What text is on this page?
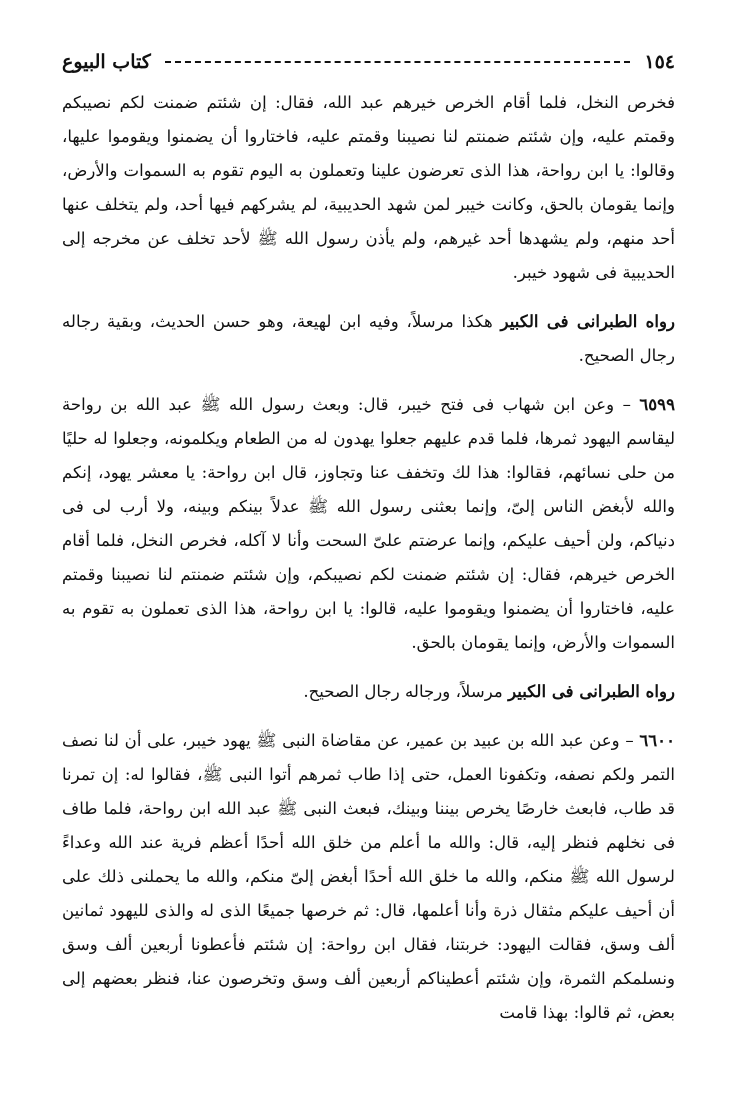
١٥٤
كتاب البيوع

فخرص النخل، فلما أقام الخرص خيرهم عبد الله، فقال: إن شئتم ضمنت لكم نصيبكم وقمتم عليه، وإن شئتم ضمنتم لنا نصيبنا وقمتم عليه، فاختاروا أن يضمنوا ويقوموا عليها، وقالوا: يا ابن رواحة، هذا الذى تعرضون علينا وتعملون به اليوم تقوم به السموات والأرض، وإنما يقومان بالحق، وكانت خيبر لمن شهد الحديبية، لم يشركهم فيها أحد، ولم يتخلف عنها أحد منهم، ولم يشهدها أحد غيرهم، ولم يأذن رسول الله ﷺ لأحد تخلف عن مخرجه إلى الحديبية فى شهود خيبر.

رواه الطبرانى فى الكبير هكذا مرسلاً، وفيه ابن لهيعة، وهو حسن الحديث، وبقية رجاله رجال الصحيح.

٦٥٩٩ – وعن ابن شهاب فى فتح خيبر، قال: وبعث رسول الله ﷺ عبد الله بن رواحة ليقاسم اليهود ثمرها، فلما قدم عليهم جعلوا يهدون له من الطعام ويكلمونه، وجعلوا له حليًا من حلى نسائهم، فقالوا: هذا لك وتخفف عنا وتجاوز، قال ابن رواحة: يا معشر يهود، إنكم والله لأبغض الناس إلىّ، وإنما بعثنى رسول الله ﷺ عدلاً بينكم وبينه، ولا أرب لى فى دنياكم، ولن أحيف عليكم، وإنما عرضتم علىّ السحت وأنا لا آكله، فخرص النخل، فلما أقام الخرص خيرهم، فقال: إن شئتم ضمنت لكم نصيبكم، وإن شئتم ضمنتم لنا نصيبنا وقمتم عليه، فاختاروا أن يضمنوا ويقوموا عليه، قالوا: يا ابن رواحة، هذا الذى تعملون به تقوم به السموات والأرض، وإنما يقومان بالحق.

رواه الطبرانى فى الكبير مرسلاً، ورجاله رجال الصحيح.

٦٦٠٠ – وعن عبد الله بن عبيد بن عمير، عن مقاضاة النبى ﷺ يهود خيبر، على أن لنا نصف التمر ولكم نصفه، وتكفونا العمل، حتى إذا طاب ثمرهم أتوا النبى ﷺ، فقالوا له: إن تمرنا قد طاب، فابعث خارصًا يخرص بيننا وبينك، فبعث النبى ﷺ عبد الله ابن رواحة، فلما طاف فى نخلهم فنظر إليه، قال: والله ما أعلم من خلق الله أحدًا أعظم فرية عند الله وعداءً لرسول الله ﷺ منكم، والله ما خلق الله أحدًا أبغض إلىّ منكم، والله ما يحملنى ذلك على أن أحيف عليكم مثقال ذرة وأنا أعلمها، قال: ثم خرصها جميعًا الذى له والذى لليهود ثمانين ألف وسق، فقالت اليهود: خربتنا، فقال ابن رواحة: إن شئتم فأعطونا أربعين ألف وسق ونسلمكم الثمرة، وإن شئتم أعطيناكم أربعين ألف وسق وتخرصون عنا، فنظر بعضهم إلى بعض، ثم قالوا: بهذا قامت
